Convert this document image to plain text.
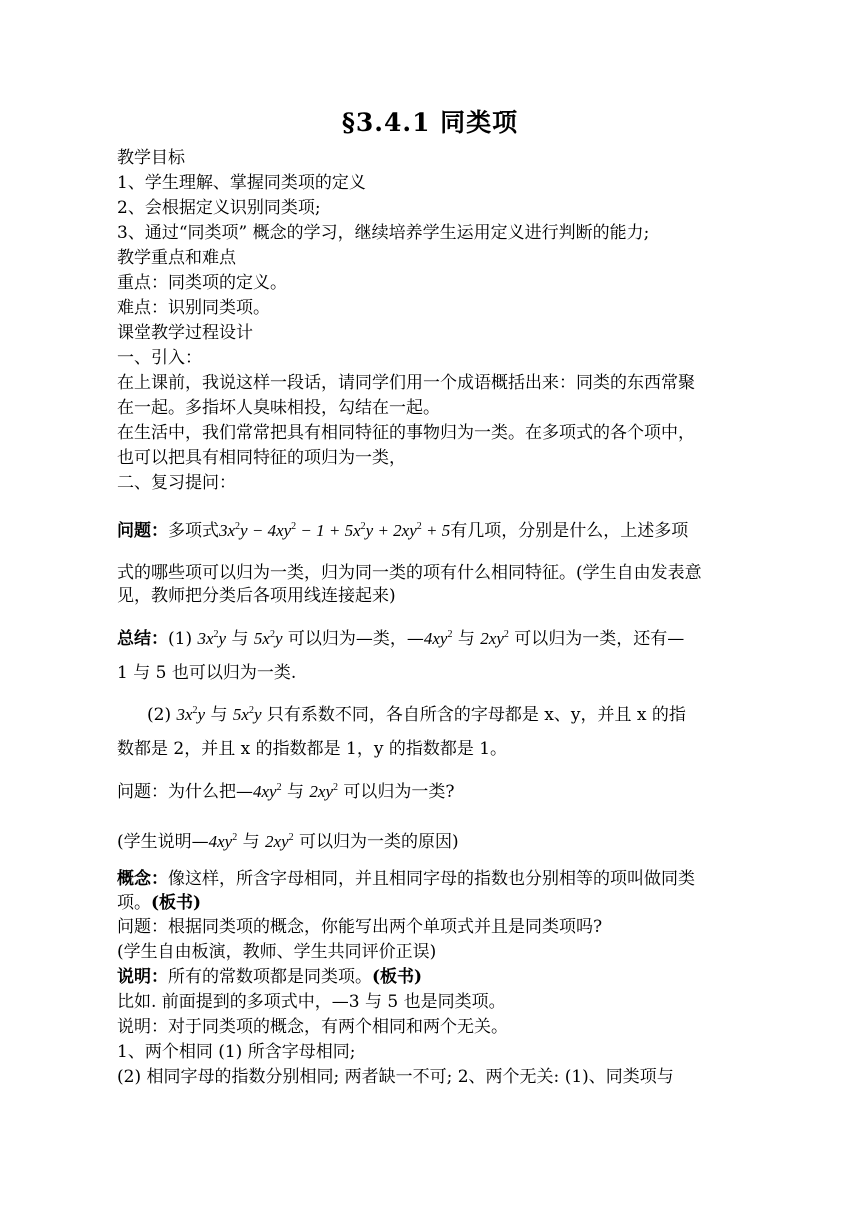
§3.4.1 同类项
教学目标
1、学生理解、掌握同类项的定义
2、会根据定义识别同类项;
3、通过“同类项” 概念的学习，继续培养学生运用定义进行判断的能力;
教学重点和难点
重点：同类项的定义。
难点：识别同类项。
课堂教学过程设计
一、引入：
在上课前，我说这样一段话，请同学们用一个成语概括出来：同类的东西常聚
在一起。多指坏人臭味相投，勾结在一起。
在生活中，我们常常把具有相同特征的事物归为一类。在多项式的各个项中，
也可以把具有相同特征的项归为一类，
二、复习提问：
问题：多项式$3x^2y - 4xy^2 - 1 + 5x^2y + 2xy^2 + 5$有几项，分别是什么，上述多项
式的哪些项可以归为一类，归为同一类的项有什么相同特征。(学生自由发表意
见，教师把分类后各项用线连接起来)
总结：(1) $3x^2y$ 与 $5x^2y$ 可以归为—类，$—4xy^2$ 与 $2xy^2$ 可以归为一类，还有—
1 与 5 也可以归为一类.
(2) $3x^2y$ 与 $5x^2y$ 只有系数不同，各自所含的字母都是 x、y，并且 x 的指
数都是 2，并且 x 的指数都是 1，y 的指数都是 1。
问题：为什么把$—4xy^2$ 与 $2xy^2$ 可以归为一类?
(学生说明$—4xy^2$ 与 $2xy^2$ 可以归为一类的原因)
概念：像这样，所含字母相同，并且相同字母的指数也分别相等的项叫做同类
项。(板书)
问题：根据同类项的概念，你能写出两个单项式并且是同类项吗?
(学生自由板演，教师、学生共同评价正误)
说明：所有的常数项都是同类项。(板书)
比如. 前面提到的多项式中，—3 与 5 也是同类项。
说明：对于同类项的概念，有两个相同和两个无关。
1、两个相同 (1) 所含字母相同;
(2) 相同字母的指数分别相同; 两者缺一不可; 2、两个无关: (1)、同类项与
